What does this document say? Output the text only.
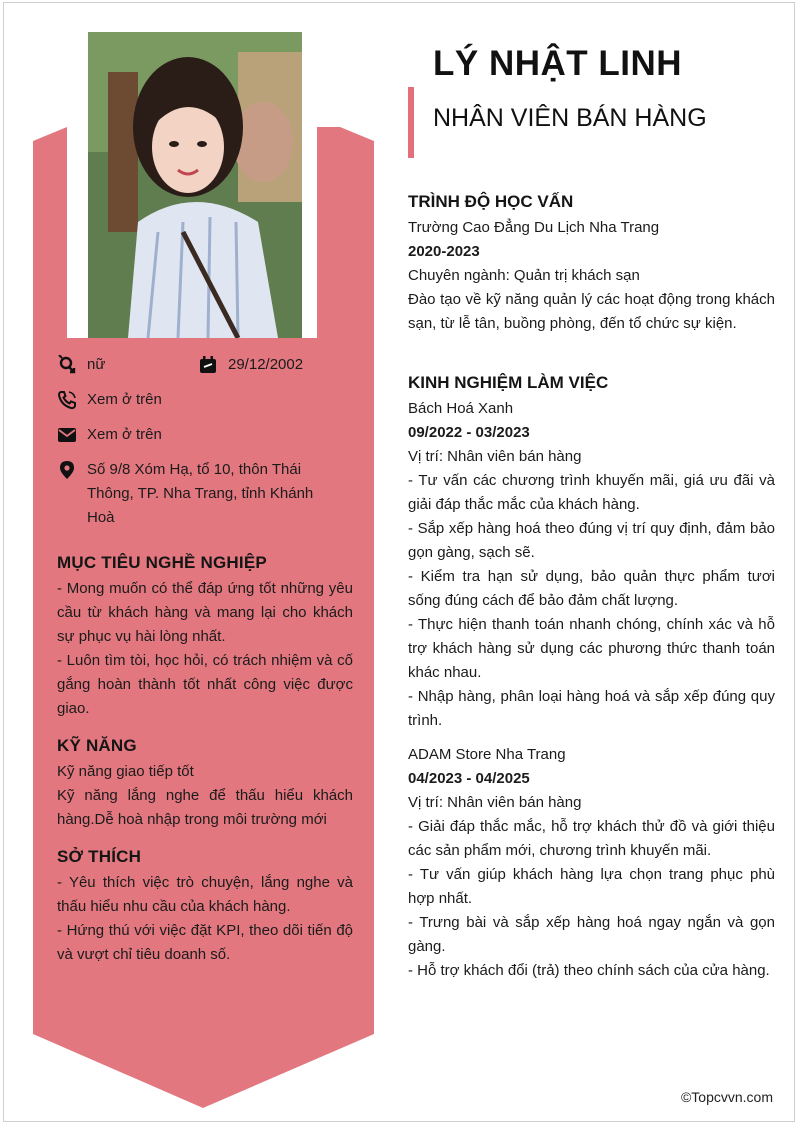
nữ	29/12/2002
Xem ở trên
Xem ở trên
Số 9/8 Xóm Hạ, tổ 10, thôn Thái Thông, TP. Nha Trang, tỉnh Khánh Hoà
MỤC TIÊU NGHỀ NGHIỆP

- Mong muốn có thể đáp ứng tốt những yêu cầu từ khách hàng và mang lại cho khách sự phục vụ hài lòng nhất.

- Luôn tìm tòi, học hỏi, có trách nhiệm và cố gắng hoàn thành tốt nhất công việc được giao.

KỸ NĂNG

Kỹ năng giao tiếp tốt

Kỹ năng lắng nghe để thấu hiểu khách hàng.Dễ hoà nhập trong môi trường mới

SỞ THÍCH

- Yêu thích việc trò chuyện, lắng nghe và thấu hiểu nhu cầu của khách hàng.

- Hứng thú với việc đặt KPI, theo dõi tiến độ và vượt chỉ tiêu doanh số.

LÝ NHẬT LINH
NHÂN VIÊN BÁN HÀNG
TRÌNH ĐỘ HỌC VẤN

Trường Cao Đẳng Du Lịch Nha Trang

2020-2023

Chuyên ngành: Quản trị khách sạn

Đào tạo về kỹ năng quản lý các hoạt động trong khách sạn, từ lễ tân, buồng phòng, đến tổ chức sự kiện.

KINH NGHIỆM LÀM VIỆC

Bách Hoá Xanh

09/2022 - 03/2023

Vị trí: Nhân viên bán hàng

- Tư vấn các chương trình khuyến mãi, giá ưu đãi và giải đáp thắc mắc của khách hàng.

- Sắp xếp hàng hoá theo đúng vị trí quy định, đảm bảo gọn gàng, sạch sẽ.

- Kiểm tra hạn sử dụng, bảo quản thực phẩm tươi sống đúng cách để bảo đảm chất lượng.

- Thực hiện thanh toán nhanh chóng, chính xác và hỗ trợ khách hàng sử dụng các phương thức thanh toán khác nhau.

- Nhập hàng, phân loại hàng hoá và sắp xếp đúng quy trình.

ADAM Store Nha Trang

04/2023 - 04/2025

Vị trí: Nhân viên bán hàng

- Giải đáp thắc mắc, hỗ trợ khách thử đồ và giới thiệu các sản phẩm mới, chương trình khuyến mãi.

- Tư vấn giúp khách hàng lựa chọn trang phục phù hợp nhất.

- Trưng bài và sắp xếp hàng hoá ngay ngắn và gọn gàng.

- Hỗ trợ khách đổi (trả) theo chính sách của cửa hàng.

©Topcvvn.com
